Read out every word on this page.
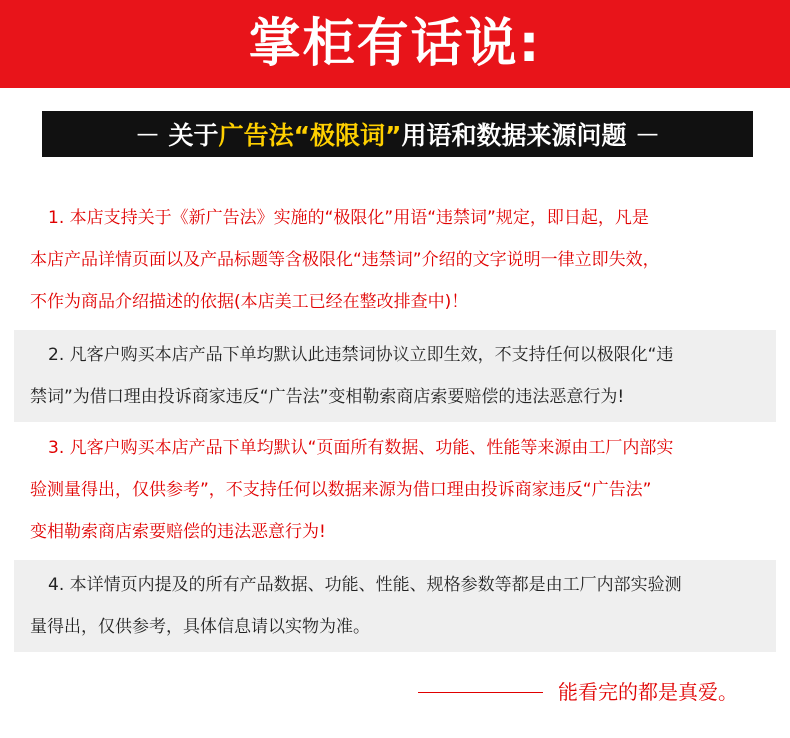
掌柜有话说:
— 关于 广告法“极限词” 用语和数据来源问题 —
1. 本店支持关于《新广告法》实施的“极限化”用语“违禁词”规定，即日起，凡是
本店产品详情页面以及产品标题等含极限化“违禁词”介绍的文字说明一律立即失效，
不作为商品介绍描述的依据(本店美工已经在整改排查中)！
2. 凡客户购买本店产品下单均默认此违禁词协议立即生效，不支持任何以极限化“违
禁词”为借口理由投诉商家违反“广告法”变相勒索商店索要赔偿的违法恶意行为!
3. 凡客户购买本店产品下单均默认“页面所有数据、功能、性能等来源由工厂内部实
验测量得出，仅供参考”，不支持任何以数据来源为借口理由投诉商家违反“广告法”
变相勒索商店索要赔偿的违法恶意行为!
4. 本详情页内提及的所有产品数据、功能、性能、规格参数等都是由工厂内部实验测
量得出，仅供参考，具体信息请以实物为准。
能看完的都是真爱。
